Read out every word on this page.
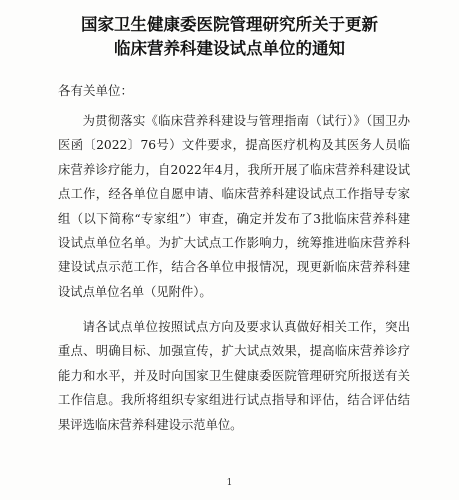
国家卫生健康委医院管理研究所关于更新
临床营养科建设试点单位的通知
各有关单位：
为贯彻落实《临床营养科建设与管理指南（试行）》（国卫办医函〔2022〕76号）文件要求，提高医疗机构及其医务人员临床营养诊疗能力，自2022年4月，我所开展了临床营养科建设试点工作，经各单位自愿申请、临床营养科建设试点工作指导专家组（以下简称“专家组”）审查，确定并发布了3批临床营养科建设试点单位名单。为扩大试点工作影响力，统筹推进临床营养科建设试点示范工作，结合各单位申报情况，现更新临床营养科建设试点单位名单（见附件）。
请各试点单位按照试点方向及要求认真做好相关工作，突出重点、明确目标、加强宣传，扩大试点效果，提高临床营养诊疗能力和水平，并及时向国家卫生健康委医院管理研究所报送有关工作信息。我所将组织专家组进行试点指导和评估，结合评估结果评选临床营养科建设示范单位。
1
